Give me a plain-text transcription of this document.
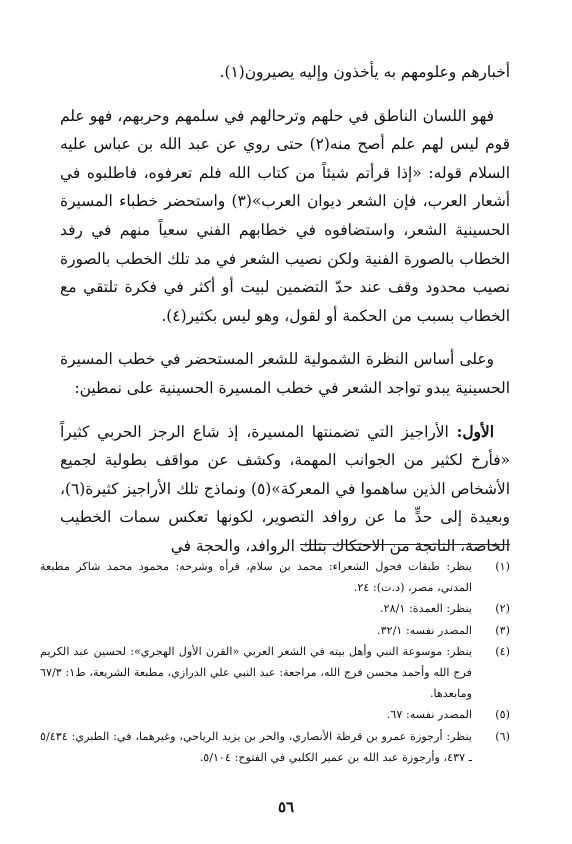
أخبارهم وعلومهم به يأخذون وإليه يصيرون(١).

فهو اللسان الناطق في حلهم وترحالهم في سلمهم وحربهم، فهو علم قوم ليس لهم علم أصح منه(٢) حتى روي عن عبد الله بن عباس عليه السلام قوله: «إذا قرأتم شيئاً من كتاب الله فلم تعرفوه، فاطلبوه في أشعار العرب، فإن الشعر ديوان العرب»(٣) واستحضر خطباء المسيرة الحسينية الشعر، واستضافوه في خطابهم الفني سعياً منهم في رفد الخطاب بالصورة الفنية ولكن نصيب الشعر في مد تلك الخطب بالصورة نصيب محدود وقف عند حدّ التضمين لبيت أو أكثر في فكرة تلتقي مع الخطاب بسبب من الحكمة أو لقول، وهو ليس بكثير(٤).

وعلى أساس النظرة الشمولية للشعر المستحضر في خطب المسيرة الحسينية يبدو تواجد الشعر في خطب المسيرة الحسينية على نمطين:

الأول: الأراجيز التي تضمنتها المسيرة، إذ شاع الرجز الحربي كثيراً «فأرخ لكثير من الجوانب المهمة، وكشف عن مواقف بطولية لجميع الأشخاص الذين ساهموا في المعركة»(٥) ونماذج تلك الأراجيز كثيرة(٦)، وبعيدة إلى حدٍّ ما عن روافد التصوير، لكونها تعكس سمات الخطيب الخاصة، الناتجة من الاحتكاك بتلك الروافد، والحجة في

(١)
ينظر: طبقات فحول الشعراء: محمد بن سلام، قرأه وشرحه: محمود محمد شاكر مطبعة المدني، مصر، (د.ت): ٢٤.
(٢)
ينظر: العمدة: ٢٨/١.
(٣)
المصدر نفسه: ٣٢/١.
(٤)
ينظر: موسوعة النبي وأهل بيته في الشعر العربي «القرن الأول الهجري»: لحسين عبد الكريم فرج الله وأحمد محسن فرج الله، مراجعة: عبد النبي علي الدرازي، مطبعة الشريعة، ط١: ٦٧/٣ ومابعدها.
(٥)
المصدر نفسه: ٦٧.
(٦)
ينظر: أرجوزة عمرو بن قرظة الأنصاري، والحر بن يزيد الرياحي، وغيرهما، في: الطبري: ٥/٤٣٤ ـ ٤٣٧، وأرجوزة عبد الله بن عمير الكلبي في الفتوح: ٥/١٠٤.
٥٦
